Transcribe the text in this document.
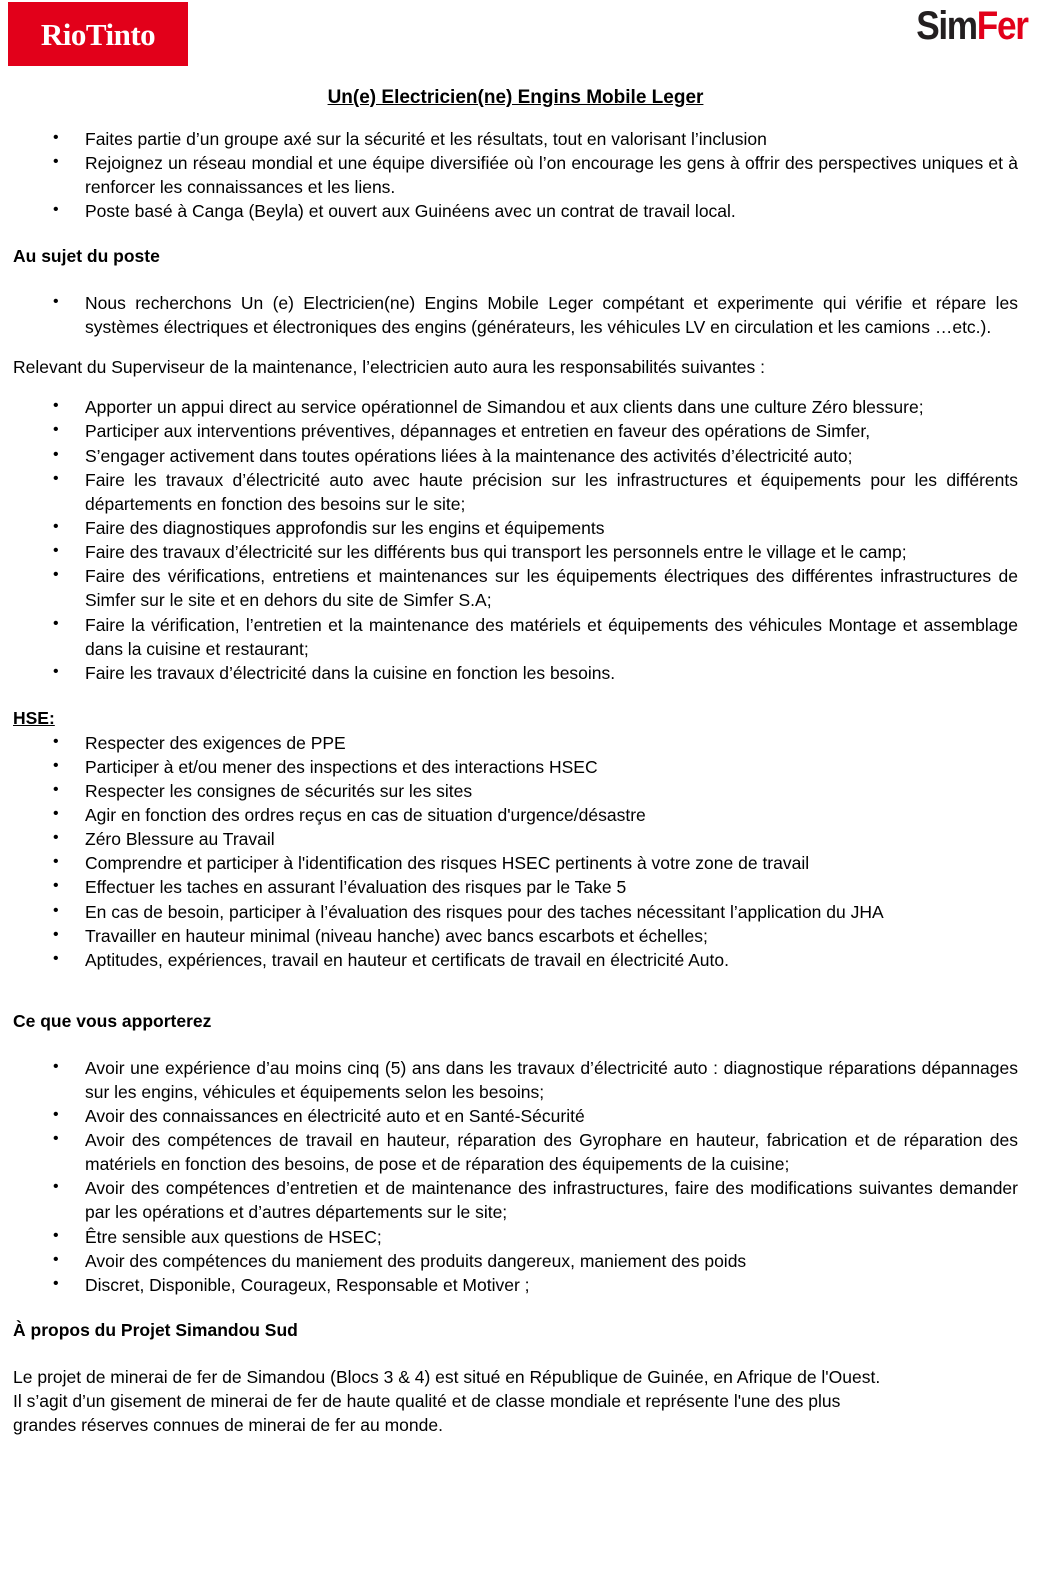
RioTinto	SimFer
Un(e) Electricien(ne) Engins Mobile Leger
• Faites partie d’un groupe axé sur la sécurité et les résultats, tout en valorisant l’inclusion
• Rejoignez un réseau mondial et une équipe diversifiée où l’on encourage les gens à offrir des perspectives uniques et à renforcer les connaissances et les liens.
• Poste basé à Canga (Beyla) et ouvert aux Guinéens avec un contrat de travail local.
Au sujet du poste
• Nous recherchons Un (e) Electricien(ne) Engins Mobile Leger compétant et experimente qui vérifie et répare les systèmes électriques et électroniques des engins (générateurs, les véhicules LV en circulation et les camions …etc.).

Relevant du Superviseur de la maintenance, l’electricien auto aura les responsabilités suivantes :

• Apporter un appui direct au service opérationnel de Simandou et aux clients dans une culture Zéro blessure;
• Participer aux interventions préventives, dépannages et entretien en faveur des opérations de Simfer,
• S’engager activement dans toutes opérations liées à la maintenance des activités d’électricité auto;
• Faire les travaux d’électricité auto avec haute précision sur les infrastructures et équipements pour les différents départements en fonction des besoins sur le site;
• Faire des diagnostiques approfondis sur les engins et équipements
• Faire des travaux d’électricité sur les différents bus qui transport les personnels entre le village et le camp;
• Faire des vérifications, entretiens et maintenances sur les équipements électriques des différentes infrastructures de Simfer sur le site et en dehors du site de Simfer S.A;
• Faire la vérification, l’entretien et la maintenance des matériels et équipements des véhicules Montage et assemblage dans la cuisine et restaurant;
• Faire les travaux d’électricité dans la cuisine en fonction les besoins.
HSE:
• Respecter des exigences de PPE
• Participer à et/ou mener des inspections et des interactions HSEC
• Respecter les consignes de sécurités sur les sites
• Agir en fonction des ordres reçus en cas de situation d'urgence/désastre
• Zéro Blessure au Travail
• Comprendre et participer à l'identification des risques HSEC pertinents à votre zone de travail
• Effectuer les taches en assurant l’évaluation des risques par le Take 5
• En cas de besoin, participer à l’évaluation des risques pour des taches nécessitant l’application du JHA
• Travailler en hauteur minimal (niveau hanche) avec bancs escarbots et échelles;
• Aptitudes, expériences, travail en hauteur et certificats de travail en électricité Auto.
Ce que vous apporterez
• Avoir une expérience d’au moins cinq (5) ans dans les travaux d’électricité auto : diagnostique réparations dépannages sur les engins, véhicules et équipements selon les besoins;
• Avoir des connaissances en électricité auto et en Santé-Sécurité
• Avoir des compétences de travail en hauteur, réparation des Gyrophare en hauteur, fabrication et de réparation des matériels en fonction des besoins, de pose et de réparation des équipements de la cuisine;
• Avoir des compétences d’entretien et de maintenance des infrastructures, faire des modifications suivantes demander par les opérations et d’autres départements sur le site;
• Être sensible aux questions de HSEC;
• Avoir des compétences du maniement des produits dangereux, maniement des poids
• Discret, Disponible, Courageux, Responsable et Motiver ;
À propos du Projet Simandou Sud

Le projet de minerai de fer de Simandou (Blocs 3 & 4) est situé en République de Guinée, en Afrique de l'Ouest.

Il s’agit d’un gisement de minerai de fer de haute qualité et de classe mondiale et représente l'une des plus

grandes réserves connues de minerai de fer au monde.
